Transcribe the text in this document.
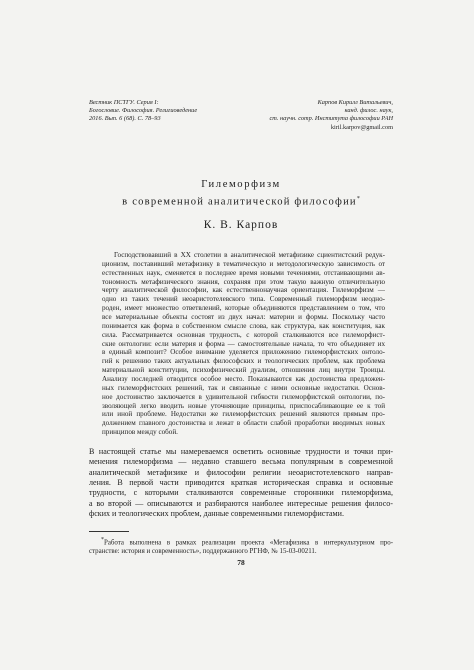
Вестник ПСТГУ. Серия I:
Богословие. Философия. Религиоведение
2016. Вып. 6 (68). С. 78–93
Карпов Кирилл Витальевич,
канд. филос. наук,
ст. научн. сотр. Института философии РАН
kiril.karpov@gmail.com
Гилеморфизм
в современной аналитической философии*
К. В. Карпов
Господствовавший в ХХ столетии в аналитической метафизике сциентистский редук-
ционизм, поставивший метафизику в тематическую и методологическую зависимость от
естественных наук, сменяется в последнее время новыми течениями, отстаивающими ав-
тономность метафизического знания, сохраняя при этом такую важную отличительную
черту аналитической философии, как естественнонаучная ориентация. Гилеморфизм —
одно из таких течений неоаристотелевского типа. Современный гилеморфизм неодно-
роден, имеет множество ответвлений, которые объединяются представлением о том, что
все материальные объекты состоят из двух начал: материи и формы. Поскольку часто
понимается как форма в собственном смысле слова, как структура, как конституция, как
сила. Рассматривается основная трудность, с которой сталкиваются все гилеморфист-
ские онтологии: если материя и форма — самостоятельные начала, то что объединяет их
в единый композит? Особое внимание уделяется приложению гилеморфистских онтоло-
гий к решению таких актуальных философских и теологических проблем, как проблема
материальной конституции, психофизический дуализм, отношения лиц внутри Троицы.
Анализу последней отводится особое место. Показываются как достоинства предложен-
ных гилеморфистских решений, так и связанные с ними основные недостатки. Основ-
ное достоинство заключается в удивительной гибкости гилеморфистской онтологии, по-
зволяющей легко вводить новые уточняющие принципы, приспосабливающие ее к той
или иной проблеме. Недостатки же гилеморфистских решений являются прямым про-
должением главного достоинства и лежат в области слабой проработки вводимых новых
принципов между собой.
В настоящей статье мы намереваемся осветить основные трудности и точки при-
менения гилеморфизма — недавно ставшего весьма популярным в современной
аналитической метафизике и философии религии неоаристотелевского направ-
ления. В первой части приводится краткая историческая справка и основные
трудности, с которыми сталкиваются современные сторонники гилеморфизма,
а во второй — описываются и разбираются наиболее интересные решения филосо-
фских и теологических проблем, данные современными гилеморфистами.
*Работа выполнена в рамках реализации проекта «Метафизика в интеркультурном про-
странстве: история и современность», поддержанного РГНФ, № 15-03-00211.
78
